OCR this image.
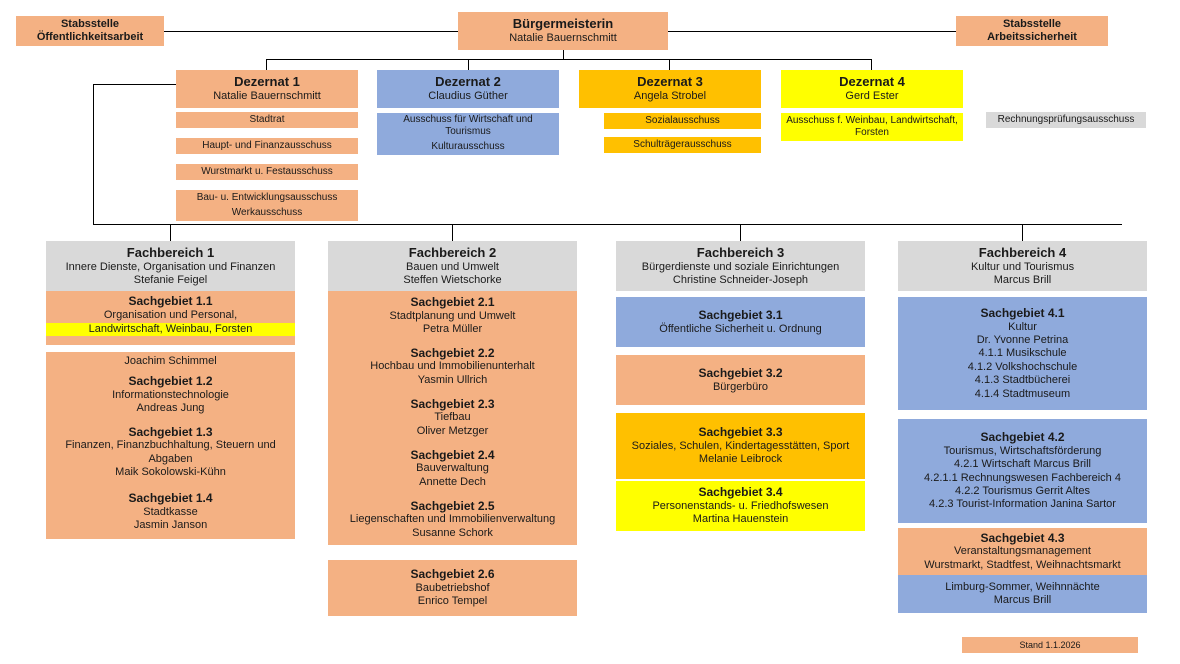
Stabsstelle
Öffentlichkeitsarbeit
Bürgermeisterin
Natalie Bauernschmitt
Stabsstelle
Arbeitssicherheit
Dezernat 1
Natalie Bauernschmitt
Stadtrat
Haupt- und Finanzausschuss
Wurstmarkt u. Festausschuss
Bau- u. Entwicklungsausschuss
Werkausschuss
Dezernat 2
Claudius Güther
Ausschuss für Wirtschaft und Tourismus
Kulturausschuss
Dezernat 3
Angela Strobel
Sozialausschuss
Schulträgerausschuss
Dezernat 4
Gerd Ester
Ausschuss f. Weinbau, Landwirtschaft, Forsten
Rechnungsprüfungsausschuss
Fachbereich 1
Innere Dienste, Organisation und Finanzen
Stefanie Feigel
Sachgebiet 1.1
Organisation und Personal,
Landwirtschaft, Weinbau, Forsten
Joachim Schimmel
Sachgebiet 1.2
Informationstechnologie
Andreas Jung
Sachgebiet 1.3
Finanzen, Finanzbuchhaltung, Steuern und Abgaben
Maik Sokolowski-Kühn
Sachgebiet 1.4
Stadtkasse
Jasmin Janson
Fachbereich 2
Bauen und Umwelt
Steffen Wietschorke
Sachgebiet 2.1
Stadtplanung und Umwelt
Petra Müller
Sachgebiet 2.2
Hochbau und Immobilienunterhalt
Yasmin Ullrich
Sachgebiet 2.3
Tiefbau
Oliver Metzger
Sachgebiet 2.4
Bauverwaltung
Annette Dech
Sachgebiet 2.5
Liegenschaften und Immobilienverwaltung
Susanne Schork
Sachgebiet 2.6
Baubetriebshof
Enrico Tempel
Fachbereich 3
Bürgerdienste und soziale Einrichtungen
Christine Schneider-Joseph
Sachgebiet 3.1
Öffentliche Sicherheit u. Ordnung
Sachgebiet 3.2
Bürgerbüro
Sachgebiet 3.3
Soziales, Schulen, Kindertagesstätten, Sport
Melanie Leibrock
Sachgebiet 3.4
Personenstands- u. Friedhofswesen
Martina Hauenstein
Fachbereich 4
Kultur und Tourismus
Marcus Brill
Sachgebiet 4.1
Kultur
Dr. Yvonne Petrina
4.1.1 Musikschule
4.1.2 Volkshochschule
4.1.3 Stadtbücherei
4.1.4 Stadtmuseum
Sachgebiet 4.2
Tourismus, Wirtschaftsförderung
4.2.1 Wirtschaft Marcus Brill
4.2.1.1 Rechnungswesen Fachbereich 4
4.2.2 Tourismus Gerrit Altes
4.2.3 Tourist-Information Janina Sartor
Sachgebiet 4.3
Veranstaltungsmanagement
Wurstmarkt, Stadtfest, Weihnachtsmarkt
Limburg-Sommer, Weihnnächte
Marcus Brill
Stand 1.1.2026
